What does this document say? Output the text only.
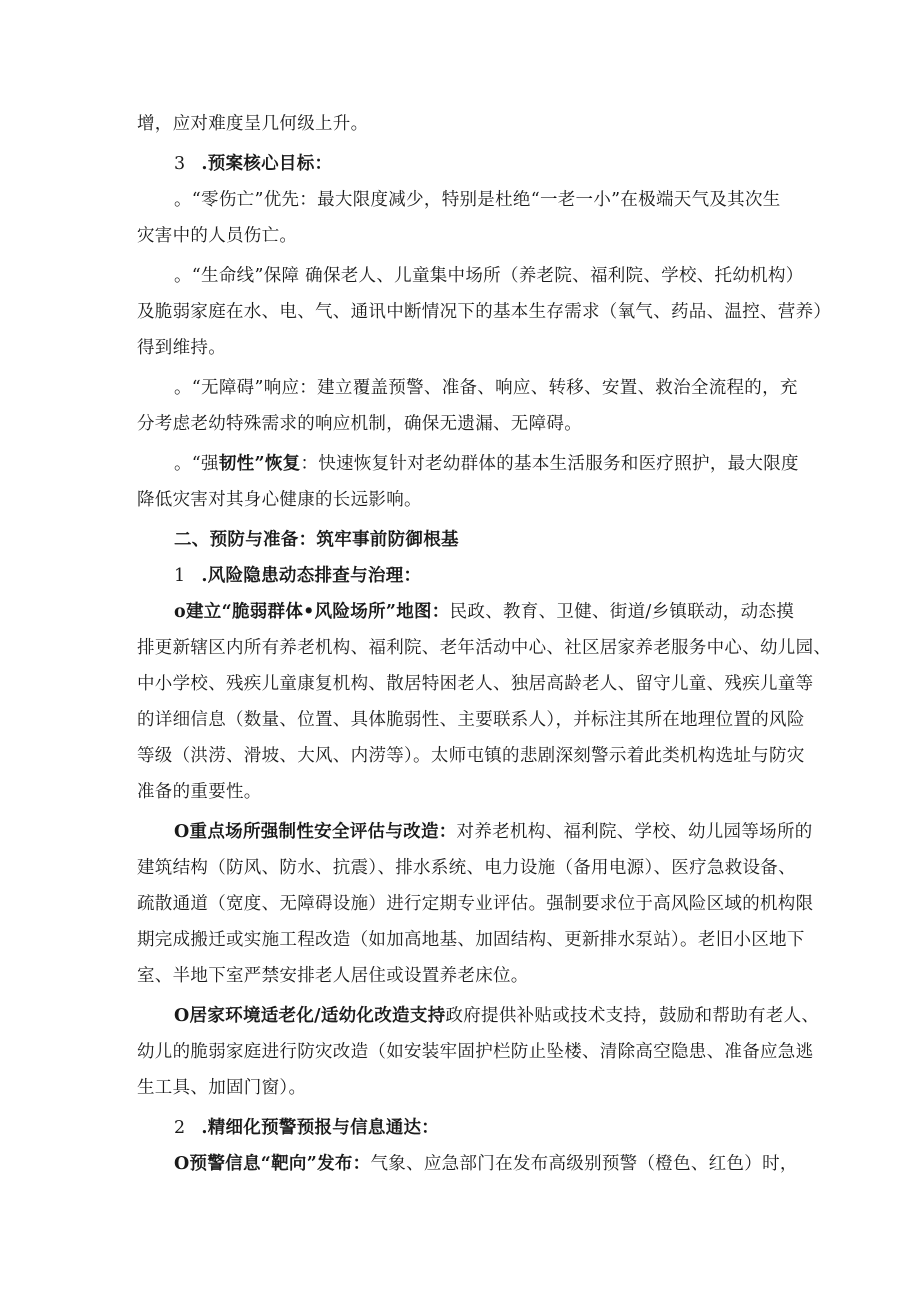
增，应对难度呈几何级上升。
3 .预案核心目标：
。“零伤亡”优先：最大限度减少，特别是杜绝“一老一小”在极端天气及其次生
灾害中的人员伤亡。
。“生命线”保障 确保老人、儿童集中场所（养老院、福利院、学校、托幼机构）
及脆弱家庭在水、电、气、通讯中断情况下的基本生存需求（氧气、药品、温控、营养）
得到维持。
。“无障碍”响应：建立覆盖预警、准备、响应、转移、安置、救治全流程的，充
分考虑老幼特殊需求的响应机制，确保无遗漏、无障碍。
。“强韧性”恢复：快速恢复针对老幼群体的基本生活服务和医疗照护，最大限度
降低灾害对其身心健康的长远影响。
二、预防与准备：筑牢事前防御根基
1 .风险隐患动态排查与治理：
o建立“脆弱群体•风险场所”地图：民政、教育、卫健、街道/乡镇联动，动态摸
排更新辖区内所有养老机构、福利院、老年活动中心、社区居家养老服务中心、幼儿园、
中小学校、残疾儿童康复机构、散居特困老人、独居高龄老人、留守儿童、残疾儿童等
的详细信息（数量、位置、具体脆弱性、主要联系人），并标注其所在地理位置的风险
等级（洪涝、滑坡、大风、内涝等）。太师屯镇的悲剧深刻警示着此类机构选址与防灾
准备的重要性。
O重点场所强制性安全评估与改造：对养老机构、福利院、学校、幼儿园等场所的
建筑结构（防风、防水、抗震）、排水系统、电力设施（备用电源）、医疗急救设备、
疏散通道（宽度、无障碍设施）进行定期专业评估。强制要求位于高风险区域的机构限
期完成搬迁或实施工程改造（如加高地基、加固结构、更新排水泵站）。老旧小区地下
室、半地下室严禁安排老人居住或设置养老床位。
O居家环境适老化/适幼化改造支持政府提供补贴或技术支持，鼓励和帮助有老人、
幼儿的脆弱家庭进行防灾改造（如安装牢固护栏防止坠楼、清除高空隐患、准备应急逃
生工具、加固门窗）。
2 .精细化预警预报与信息通达：
O预警信息“靶向”发布：气象、应急部门在发布高级别预警（橙色、红色）时，
